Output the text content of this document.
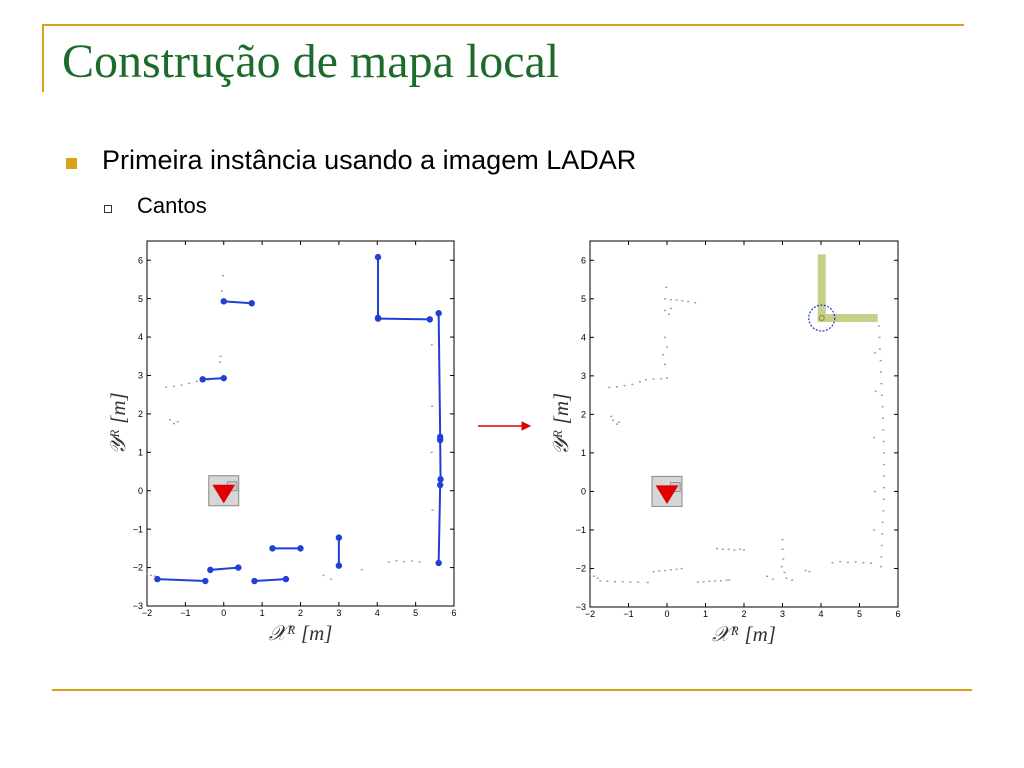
Construção de mapa local
Primeira instância usando a imagem LADAR
Cantos
−2	−1	0	1	2	3	4	5	6
−3
−2
−1
0
1
2
3
4
5
6
𝒳ᴿ [m]
𝒴ᴿ [m]
−2	−1	0	1	2	3	4	5	6
−3
−2
−1
0
1
2
3
4
5
6
𝒳ᴿ [m]
𝒴ᴿ [m]
